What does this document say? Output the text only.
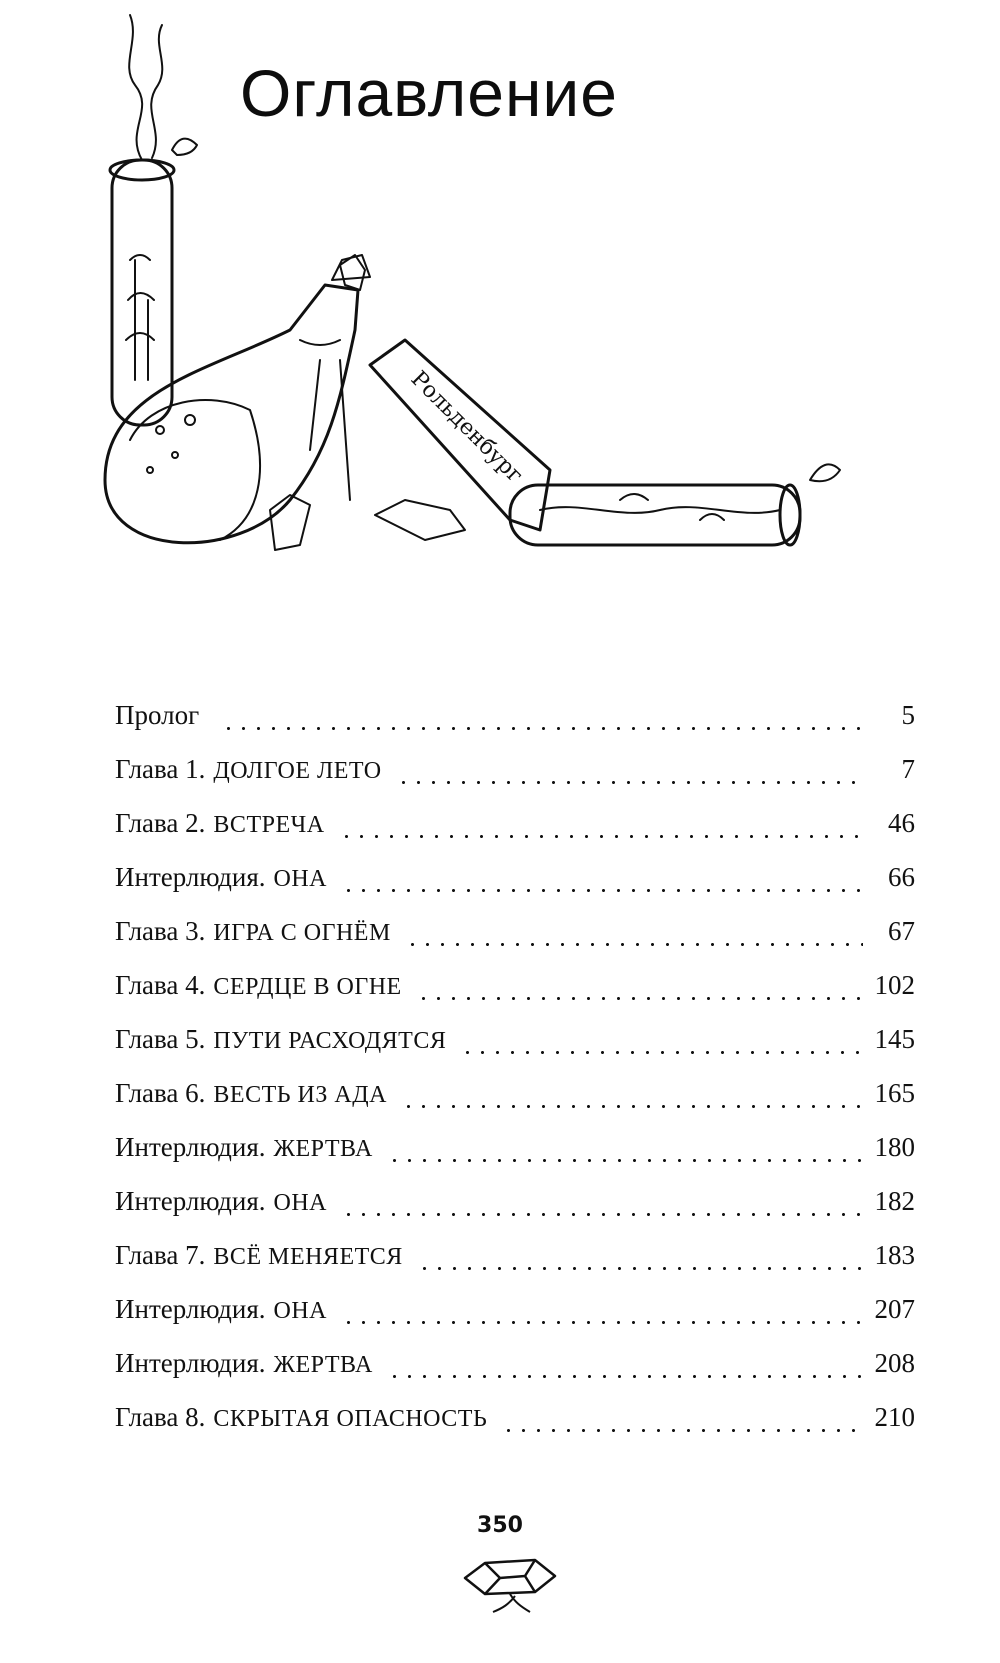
Оглавление
Рольденбург
Пролог	5
Глава 1. ДОЛГОЕ ЛЕТО	7
Глава 2. ВСТРЕЧА	46
Интерлюдия. ОНА	66
Глава 3. ИГРА С ОГНЁМ	67
Глава 4. СЕРДЦЕ В ОГНЕ	102
Глава 5. ПУТИ РАСХОДЯТСЯ	145
Глава 6. ВЕСТЬ ИЗ АДА	165
Интерлюдия. ЖЕРТВА	180
Интерлюдия. ОНА	182
Глава 7. ВСЁ МЕНЯЕТСЯ	183
Интерлюдия. ОНА	207
Интерлюдия. ЖЕРТВА	208
Глава 8. СКРЫТАЯ ОПАСНОСТЬ	210
350
